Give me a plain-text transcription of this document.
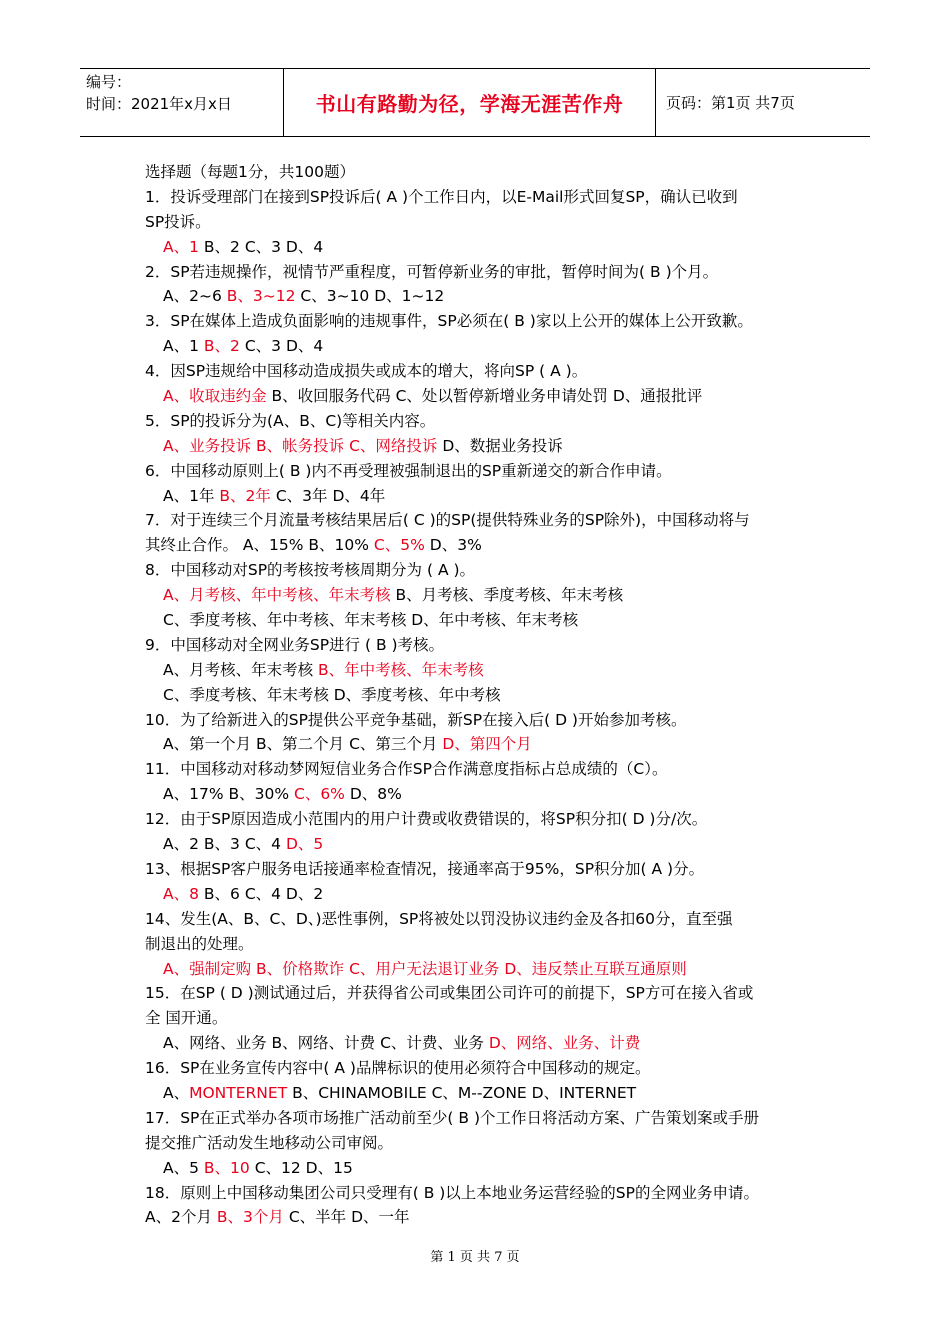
编号：
时间：2021年x月x日	书山有路勤为径，学海无涯苦作舟	页码：第1页 共7页
选择题（每题1分，共100题）
1．投诉受理部门在接到SP投诉后( A )个工作日内，以E-Mail形式回复SP，确认已收到
SP投诉。
A、1 B、2 C、3 D、4
2．SP若违规操作，视情节严重程度，可暂停新业务的审批，暂停时间为( B )个月。
A、2~6 B、3~12 C、3~10 D、1~12
3．SP在媒体上造成负面影响的违规事件，SP必须在( B )家以上公开的媒体上公开致歉。
A、1 B、2 C、3 D、4
4．因SP违规给中国移动造成损失或成本的增大，将向SP ( A )。
A、收取违约金 B、收回服务代码 C、处以暂停新增业务申请处罚 D、通报批评
5．SP的投诉分为(A、B、C)等相关内容。
A、业务投诉 B、帐务投诉 C、网络投诉 D、数据业务投诉
6．中国移动原则上( B )内不再受理被强制退出的SP重新递交的新合作申请。
A、1年 B、2年 C、3年 D、4年
7．对于连续三个月流量考核结果居后( C )的SP(提供特殊业务的SP除外)，中国移动将与
其终止合作。 A、15% B、10% C、5% D、3%
8．中国移动对SP的考核按考核周期分为 ( A )。
A、月考核、年中考核、年末考核 B、月考核、季度考核、年末考核
C、季度考核、年中考核、年末考核 D、年中考核、年末考核
9．中国移动对全网业务SP进行 ( B )考核。
A、月考核、年末考核 B、年中考核、年末考核
C、季度考核、年末考核 D、季度考核、年中考核
10．为了给新进入的SP提供公平竞争基础，新SP在接入后( D )开始参加考核。
A、第一个月 B、第二个月 C、第三个月 D、第四个月
11．中国移动对移动梦网短信业务合作SP合作满意度指标占总成绩的（C）。
A、17% B、30% C、6% D、8%
12．由于SP原因造成小范围内的用户计费或收费错误的，将SP积分扣( D )分/次。
A、2 B、3 C、4 D、5
13、根据SP客户服务电话接通率检查情况，接通率高于95%，SP积分加( A )分。
A、8 B、6 C、4 D、2
14、发生(A、B、C、D、)恶性事例，SP将被处以罚没协议违约金及各扣60分，直至强
制退出的处理。
A、强制定购 B、价格欺诈 C、用户无法退订业务 D、违反禁止互联互通原则
15．在SP ( D )测试通过后，并获得省公司或集团公司许可的前提下，SP方可在接入省或
全 国开通。
A、网络、业务 B、网络、计费 C、计费、业务 D、网络、业务、计费
16．SP在业务宣传内容中( A )品牌标识的使用必须符合中国移动的规定。
A、MONTERNET B、CHINAMOBILE C、M--ZONE D、INTERNET
17．SP在正式举办各项市场推广活动前至少( B )个工作日将活动方案、广告策划案或手册
提交推广活动发生地移动公司审阅。
A、5 B、10 C、12 D、15
18．原则上中国移动集团公司只受理有( B )以上本地业务运营经验的SP的全网业务申请。
A、2个月 B、3个月 C、半年 D、一年
第 1 页 共 7 页
